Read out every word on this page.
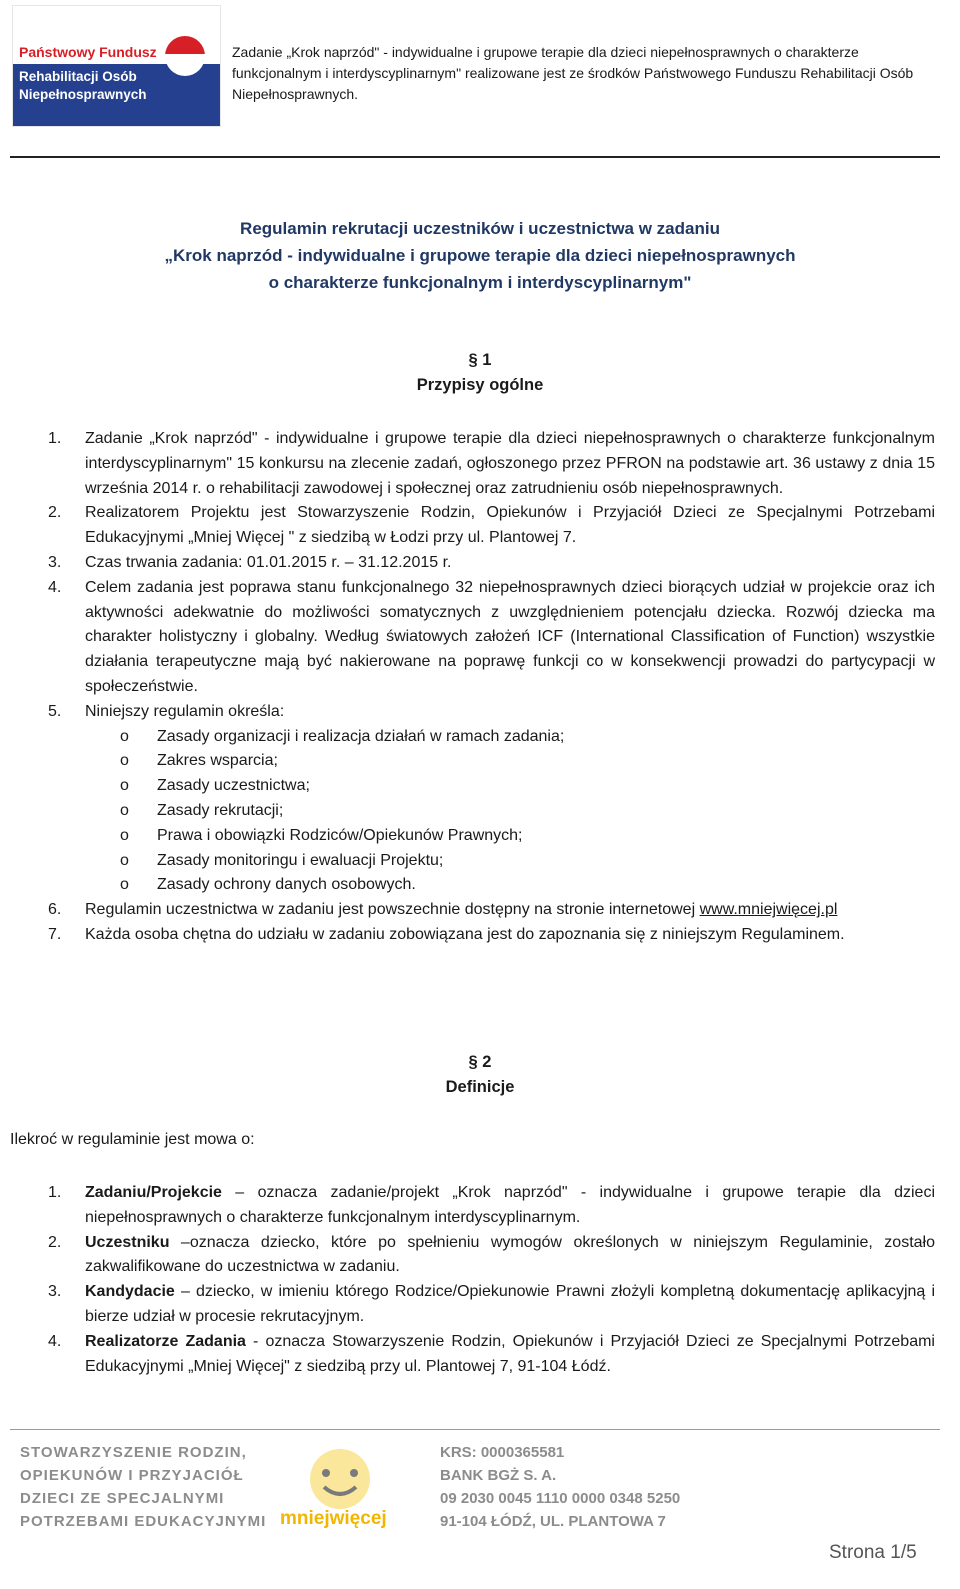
Państwowy Fundusz
Rehabilitacji Osób
Niepełnosprawnych
Zadanie „Krok naprzód" - indywidualne i grupowe terapie dla dzieci niepełnosprawnych o charakterze funkcjonalnym i interdyscyplinarnym" realizowane jest ze środków Państwowego Funduszu Rehabilitacji Osób Niepełnosprawnych.
Regulamin rekrutacji uczestników i uczestnictwa w zadaniu
„Krok naprzód - indywidualne i grupowe terapie dla dzieci niepełnosprawnych
o charakterze funkcjonalnym i interdyscyplinarnym"
§ 1
Przypisy ogólne
1. Zadanie „Krok naprzód" - indywidualne i grupowe terapie dla dzieci niepełnosprawnych o charakterze funkcjonalnym interdyscyplinarnym" 15 konkursu na zlecenie zadań, ogłoszonego przez PFRON na podstawie art. 36 ustawy z dnia 15 września 2014 r. o rehabilitacji zawodowej i społecznej oraz zatrudnieniu osób niepełnosprawnych.
2. Realizatorem Projektu jest Stowarzyszenie Rodzin, Opiekunów i Przyjaciół Dzieci ze Specjalnymi Potrzebami Edukacyjnymi „Mniej Więcej " z siedzibą w Łodzi przy ul. Plantowej 7.
3. Czas trwania zadania: 01.01.2015 r. – 31.12.2015 r.
4. Celem zadania jest poprawa stanu funkcjonalnego 32 niepełnosprawnych dzieci biorących udział w projekcie oraz ich aktywności adekwatnie do możliwości somatycznych z uwzględnieniem potencjału dziecka. Rozwój dziecka ma charakter holistyczny i globalny. Według światowych założeń ICF (International Classification of Function) wszystkie działania terapeutyczne mają być nakierowane na poprawę funkcji co w konsekwencji prowadzi do partycypacji w społeczeństwie.
5. Niniejszy regulamin określa:
o Zasady organizacji i realizacja działań w ramach zadania;
o Zakres wsparcia;
o Zasady uczestnictwa;
o Zasady rekrutacji;
o Prawa i obowiązki Rodziców/Opiekunów Prawnych;
o Zasady monitoringu i ewaluacji Projektu;
o Zasady ochrony danych osobowych.
6. Regulamin uczestnictwa w zadaniu jest powszechnie dostępny na stronie internetowej www.mniejwięcej.pl
7. Każda osoba chętna do udziału w zadaniu zobowiązana jest do zapoznania się z niniejszym Regulaminem.
§ 2
Definicje
Ilekroć w regulaminie jest mowa o:
1. Zadaniu/Projekcie – oznacza zadanie/projekt „Krok naprzód" - indywidualne i grupowe terapie dla dzieci niepełnosprawnych o charakterze funkcjonalnym interdyscyplinarnym.
2. Uczestniku –oznacza dziecko, które po spełnieniu wymogów określonych w niniejszym Regulaminie, zostało zakwalifikowane do uczestnictwa w zadaniu.
3. Kandydacie – dziecko, w imieniu którego Rodzice/Opiekunowie Prawni złożyli kompletną dokumentację aplikacyjną i bierze udział w procesie rekrutacyjnym.
4. Realizatorze Zadania - oznacza Stowarzyszenie Rodzin, Opiekunów i Przyjaciół Dzieci ze Specjalnymi Potrzebami Edukacyjnymi „Mniej Więcej" z siedzibą przy ul. Plantowej 7, 91-104 Łódź.
STOWARZYSZENIE RODZIN,
OPIEKUNÓW I PRZYJACIÓŁ
DZIECI ZE SPECJALNYMI
POTRZEBAMI EDUKACYJNYMI mniejwięcej
KRS: 0000365581
BANK BGŻ S. A.
09 2030 0045 1110 0000 0348 5250
91-104 ŁÓDŹ, UL. PLANTOWA 7
Strona 1/5
